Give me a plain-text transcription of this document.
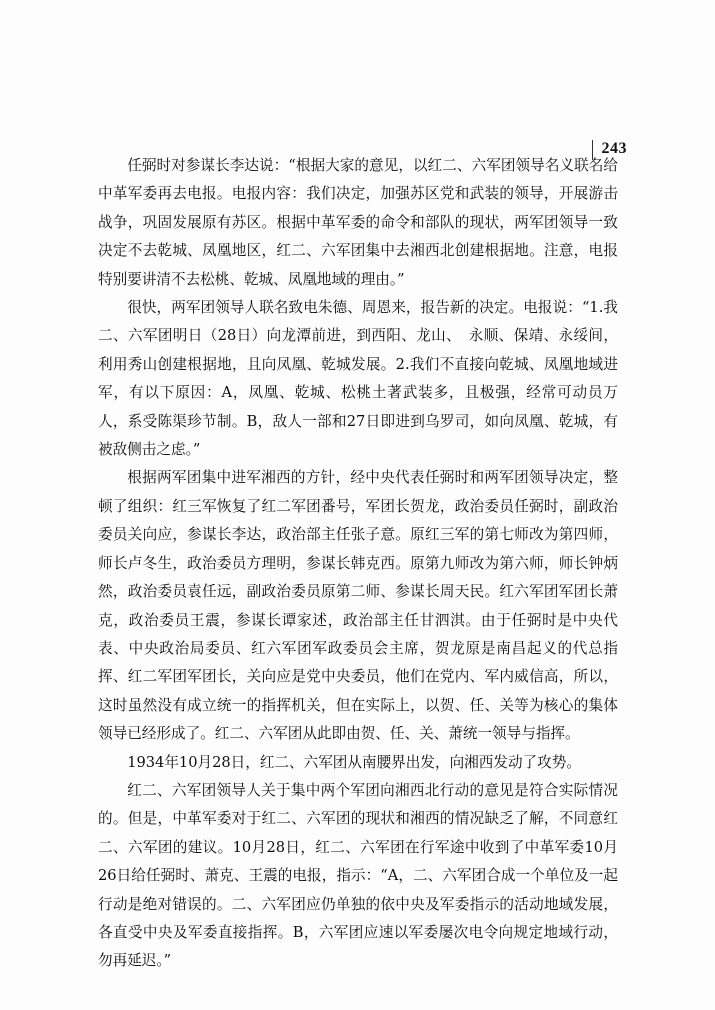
243

任弼时对参谋长李达说：“根据大家的意见，以红二、六军团领导名义联名给中革军委再去电报。电报内容：我们决定，加强苏区党和武装的领导，开展游击战争，巩固发展原有苏区。根据中革军委的命令和部队的现状，两军团领导一致决定不去乾城、凤凰地区，红二、六军团集中去湘西北创建根据地。注意，电报特别要讲清不去松桃、乾城、凤凰地域的理由。”

很快，两军团领导人联名致电朱德、周恩来，报告新的决定。电报说：“1.我二、六军团明日（28日）向龙潭前进，到西阳、龙山、　永顺、保靖、永绥间，利用秀山创建根据地，且向凤凰、乾城发展。2.我们不直接向乾城、凤凰地域进军，有以下原因：A，凤凰、乾城、松桃土著武装多，且极强，经常可动员万人，系受陈渠珍节制。B，敌人一部和27日即进到乌罗司，如向凤凰、乾城，有被敌侧击之虑。”

根据两军团集中进军湘西的方针，经中央代表任弼时和两军团领导决定，整顿了组织：红三军恢复了红二军团番号，军团长贺龙，政治委员任弼时，副政治委员关向应，参谋长李达，政治部主任张子意。原红三军的第七师改为第四师，师长卢冬生，政治委员方理明，参谋长韩克西。原第九师改为第六师，师长钟炳然，政治委员袁任远，副政治委员原第二师、参谋长周天民。红六军团军团长萧克，政治委员王震，参谋长谭家述，政治部主任甘泗淇。由于任弼时是中央代表、中央政治局委员、红六军团军政委员会主席，贺龙原是南昌起义的代总指挥、红二军团军团长，关向应是党中央委员，他们在党内、军内威信高，所以，这时虽然没有成立统一的指挥机关，但在实际上，以贺、任、关等为核心的集体领导已经形成了。红二、六军团从此即由贺、任、关、萧统一领导与指挥。

1934年10月28日，红二、六军团从南腰界出发，向湘西发动了攻势。

红二、六军团领导人关于集中两个军团向湘西北行动的意见是符合实际情况的。但是，中革军委对于红二、六军团的现状和湘西的情况缺乏了解，不同意红二、六军团的建议。10月28日，红二、六军团在行军途中收到了中革军委10月26日给任弼时、萧克、王震的电报，指示：“A，二、六军团合成一个单位及一起行动是绝对错误的。二、六军团应仍单独的依中央及军委指示的活动地域发展，各直受中央及军委直接指挥。B，六军团应速以军委屡次电令向规定地域行动，勿再延迟。”
